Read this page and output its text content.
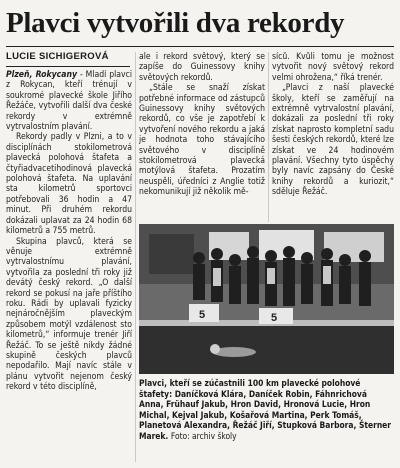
Plavci vytvořili dva rekordy
LUCIE SICHIGEROVÁ

Plzeň, Rokycany - Mladí plavci z Rokycan, kteří trénují v soukromé plavecké škole Jiřího Řežáče, vytvořili další dva české rekordy v extrémně vytrvalostním plavání.

Rekordy padly v Plzni, a to v disciplínách stokilometrová plavecká polohová štafeta a čtyřiadvacetihodinová plavecká polohová štafeta. Na uplavání sta kilometrů sportovci potřebovali 36 hodin a 47 minut. Při druhém rekordu dokázali uplavat za 24 hodin 68 kilometrů a 755 metrů.

Skupina plavců, která se věnuje extrémně vytrvalostnímu plavání, vytvořila za poslední tři roky již devátý český rekord. „O další rekord se pokusí na jaře příštího roku. Rádi by uplavali fyzicky nejnáročnějším plaveckým způsobem motýl vzdálenost sto kilometrů,“ informuje trenér Jiří Řežáč. To se ještě nikdy žádné skupině českých plavců nepodařilo. Mají navíc stále v plánu vytvořit nejenom český rekord v této disciplíně,

ale i rekord světový, který se zapíše do Guinessovy knihy světových rekordů.

„Stále se snaží získat potřebné informace od zástupců Guinessovy knihy světových rekordů, co vše je zapotřebí k vytvoření nového rekordu a jaká je hodnota toho stávajícího světového v disciplíně stokilometrová plavecká motýlová štafeta. Prozatím neuspěli, úředníci z Anglie totiž nekomunikují již několik mě-

síců. Kvůli tomu je možnost vytvořit nový světový rekord velmi ohrožena,“ říká trenér.

„Plavci z naší plavecké školy, kteří se zaměřují na extrémně vytrvalostní plavání, dokázali za poslední tři roky získat naprosto kompletní sadu šesti českých rekordů, které lze získat ve 24 hodinovém plavání. Všechny tyto úspěchy byly navíc zapsány do České knihy rekordů a kuriozit,“ sděluje Řežáč.

5	5
Plavci, kteří se zúčastnili 100 km plavecké polohové štafety: Daníčková Klára, Daníček Robin, Fáhnrichová Anna, Frühauf Jakub, Hron David, Hronová Lucie, Hron Michal, Kejval Jakub, Košařová Martina, Perk Tomáš, Planetová Alexandra, Řežáč Jiří, Stupková Barbora, Šterner Marek. Foto: archiv školy
